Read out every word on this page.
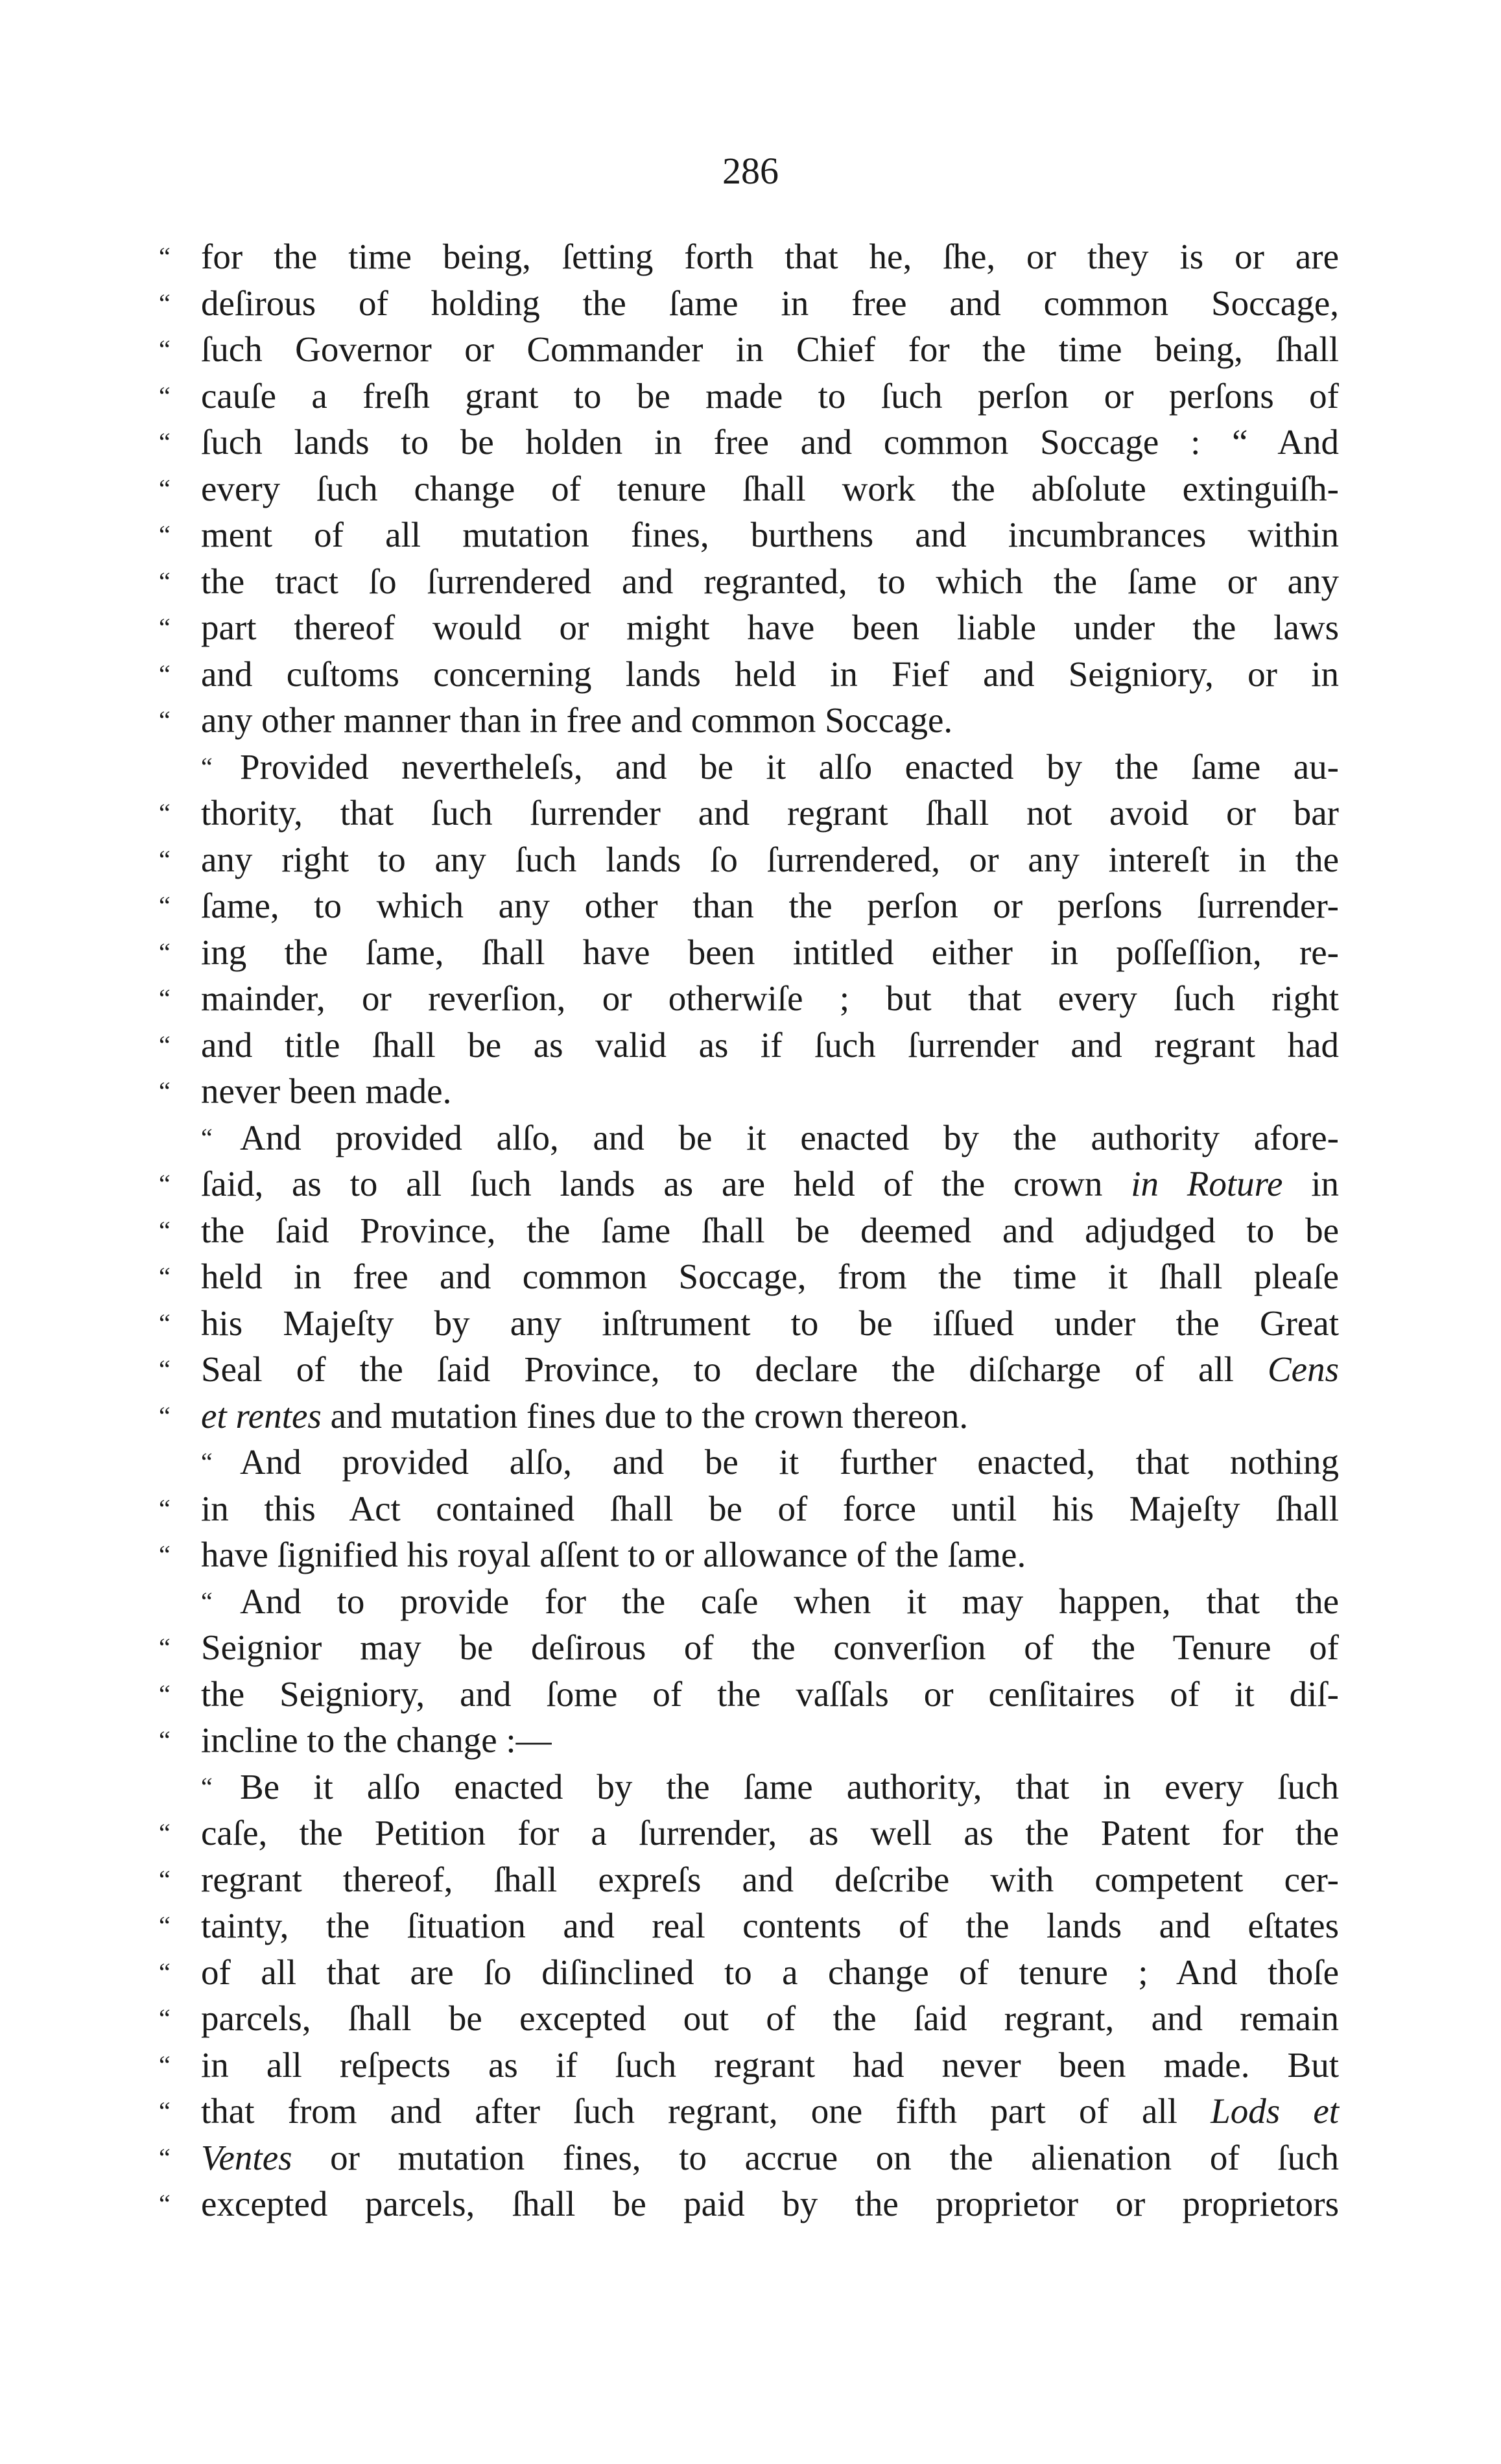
286
“ for the time being, ſetting forth that he, ſhe, or they is or are
“ deſirous of holding the ſame in free and common Soccage,
“ ſuch Governor or Commander in Chief for the time being, ſhall
“ cauſe a freſh grant to be made to ſuch perſon or perſons of
“ ſuch lands to be holden in free and common Soccage : “ And
“ every ſuch change of tenure ſhall work the abſolute extinguiſh-
“ ment of all mutation fines, burthens and incumbrances within
“ the tract ſo ſurrendered and regranted, to which the ſame or any
“ part thereof would or might have been liable under the laws
“ and cuſtoms concerning lands held in Fief and Seigniory, or in
“ any other manner than in free and common Soccage.
“ Provided nevertheleſs, and be it alſo enacted by the ſame au-
“ thority, that ſuch ſurrender and regrant ſhall not avoid or bar
“ any right to any ſuch lands ſo ſurrendered, or any intereſt in the
“ ſame, to which any other than the perſon or perſons ſurrender-
“ ing the ſame, ſhall have been intitled either in poſſeſſion, re-
“ mainder, or reverſion, or otherwiſe ; but that every ſuch right
“ and title ſhall be as valid as if ſuch ſurrender and regrant had
“ never been made.
“ And provided alſo, and be it enacted by the authority afore-
“ ſaid, as to all ſuch lands as are held of the crown in Roture in
“ the ſaid Province, the ſame ſhall be deemed and adjudged to be
“ held in free and common Soccage, from the time it ſhall pleaſe
“ his Majeſty by any inſtrument to be iſſued under the Great
“ Seal of the ſaid Province, to declare the diſcharge of all Cens
“ et rentes and mutation fines due to the crown thereon.
“ And provided alſo, and be it further enacted, that nothing
“ in this Act contained ſhall be of force until his Majeſty ſhall
“ have ſignified his royal aſſent to or allowance of the ſame.
“ And to provide for the caſe when it may happen, that the
“ Seignior may be deſirous of the converſion of the Tenure of
“ the Seigniory, and ſome of the vaſſals or cenſitaires of it diſ-
“ incline to the change :—
“ Be it alſo enacted by the ſame authority, that in every ſuch
“ caſe, the Petition for a ſurrender, as well as the Patent for the
“ regrant thereof, ſhall expreſs and deſcribe with competent cer-
“ tainty, the ſituation and real contents of the lands and eſtates
“ of all that are ſo diſinclined to a change of tenure ; And thoſe
“ parcels, ſhall be excepted out of the ſaid regrant, and remain
“ in all reſpects as if ſuch regrant had never been made. But
“ that from and after ſuch regrant, one fifth part of all Lods et
“ Ventes or mutation fines, to accrue on the alienation of ſuch
“ excepted parcels, ſhall be paid by the proprietor or proprietors
